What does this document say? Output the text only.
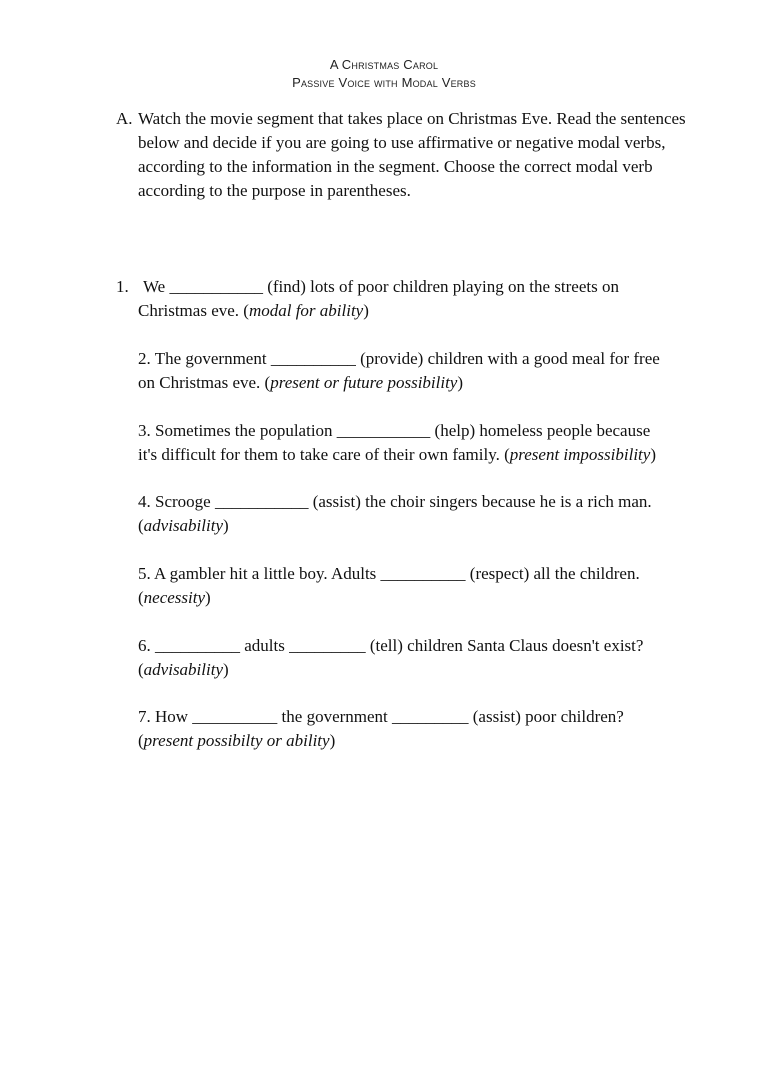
A Christmas Carol
Passive Voice with Modal Verbs
A. Watch the movie segment that takes place on Christmas Eve. Read the sentences below and decide if you are going to use affirmative or negative modal verbs, according to the information in the segment. Choose the correct modal verb according to the purpose in parentheses.
1. We ___________ (find) lots of poor children playing on the streets on
Christmas eve. (modal for ability)
2. The government __________ (provide) children with a good meal for free
on Christmas eve. (present or future possibility)
3. Sometimes the population ___________ (help) homeless people because
it's difficult for them to take care of their own family. (present impossibility)
4. Scrooge ___________ (assist) the choir singers because he is a rich man.
(advisability)
5. A gambler hit a little boy. Adults __________ (respect) all the children.
(necessity)
6. __________ adults _________ (tell) children Santa Claus doesn't exist?
(advisability)
7. How __________ the government _________ (assist) poor children?
(present possibilty or ability)
